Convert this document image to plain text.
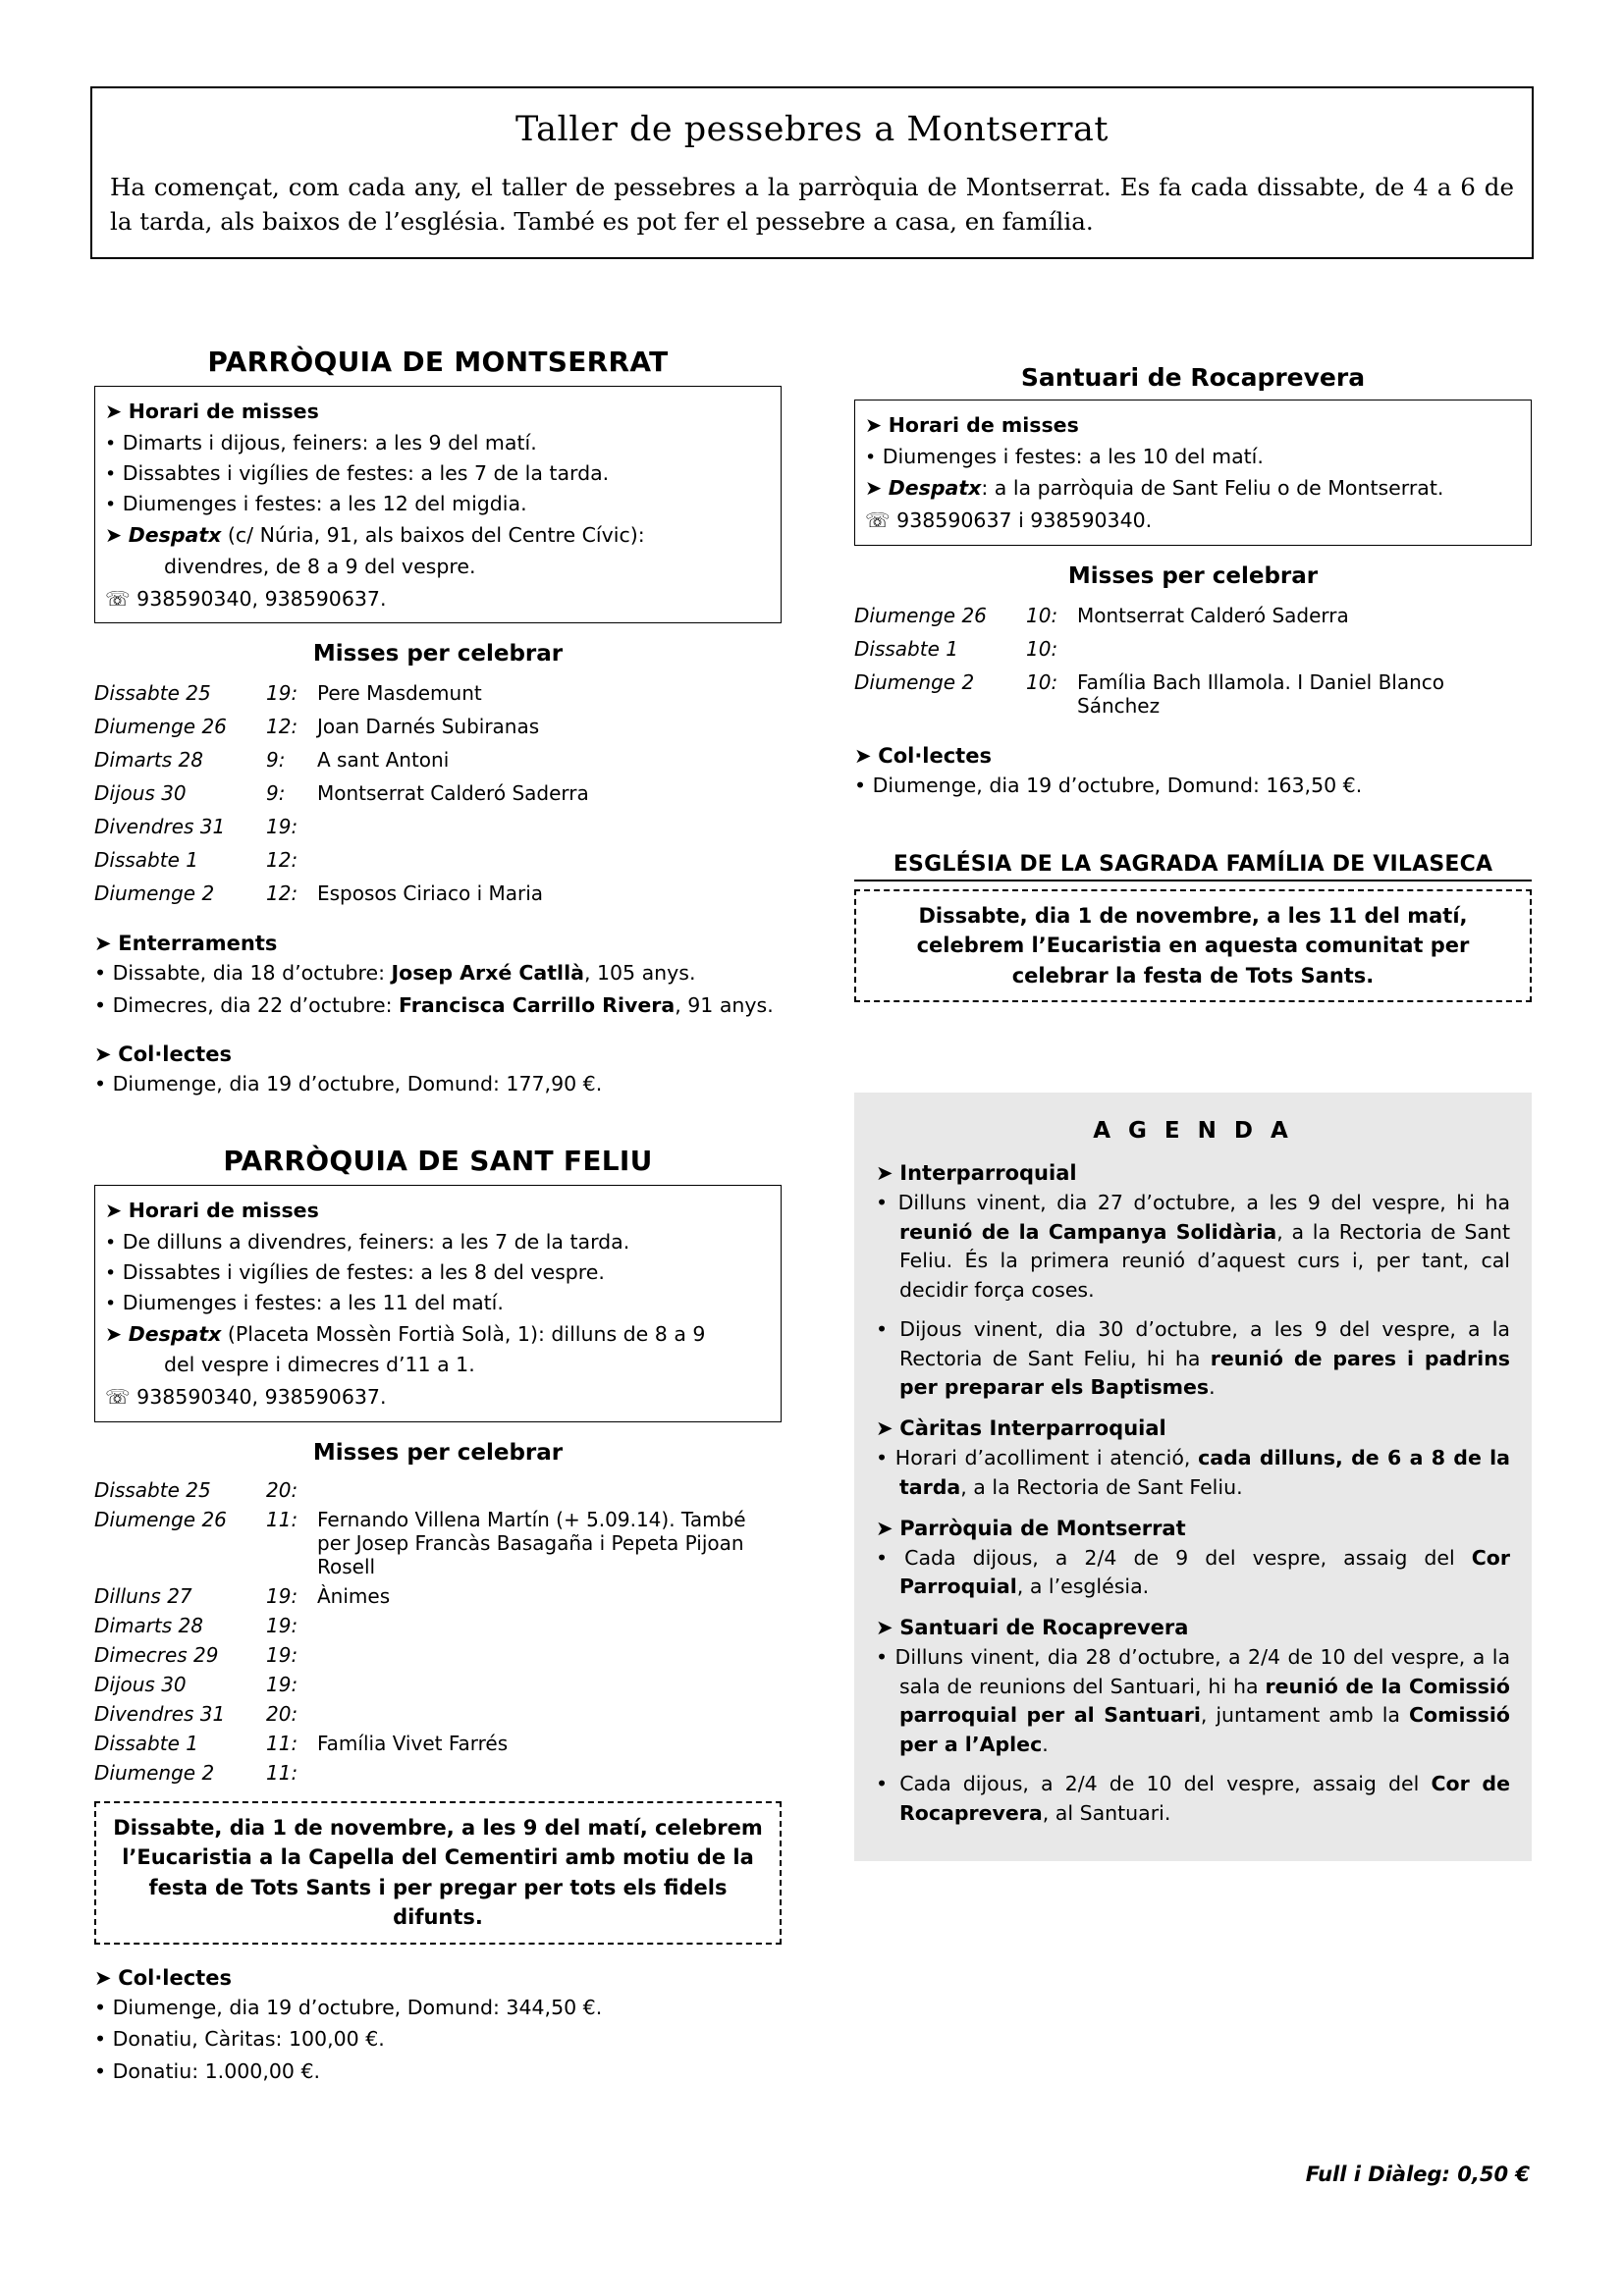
Taller de pessebres a Montserrat
Ha començat, com cada any, el taller de pessebres a la parròquia de Montserrat. Es fa cada dissabte, de 4 a 6 de la tarda, als baixos de l’església. També es pot fer el pessebre a casa, en família.
PARRÒQUIA DE MONTSERRAT
➤ Horari de misses
• Dimarts i dijous, feiners: a les 9 del matí.
• Dissabtes i vigílies de festes: a les 7 de la tarda.
• Diumenges i festes: a les 12 del migdia.
➤ Despatx (c/ Núria, 91, als baixos del Centre Cívic):
divendres, de 8 a 9 del vespre.
☏ 938590340, 938590637.
Misses per celebrar
Dissabte 25	19:	Pere Masdemunt
Diumenge 26	12:	Joan Darnés Subiranas
Dimarts 28	9:	A sant Antoni
Dijous 30	9:	Montserrat Calderó Saderra
Divendres 31	19:	
Dissabte 1	12:	
Diumenge 2	12:	Esposos Ciriaco i Maria
➤ Enterraments
• Dissabte, dia 18 d’octubre: Josep Arxé Catllà, 105 anys.
• Dimecres, dia 22 d’octubre: Francisca Carrillo Rivera, 91 anys.
➤ Col·lectes
• Diumenge, dia 19 d’octubre, Domund: 177,90 €.
PARRÒQUIA DE SANT FELIU
➤ Horari de misses
• De dilluns a divendres, feiners: a les 7 de la tarda.
• Dissabtes i vigílies de festes: a les 8 del vespre.
• Diumenges i festes: a les 11 del matí.
➤ Despatx (Placeta Mossèn Fortià Solà, 1): dilluns de 8 a 9
del vespre i dimecres d’11 a 1.
☏ 938590340, 938590637.
Misses per celebrar
Dissabte 25	20:	
Diumenge 26	11:	Fernando Villena Martín (+ 5.09.14). També per Josep Francàs Basagaña i Pepeta Pijoan Rosell
Dilluns 27	19:	Ànimes
Dimarts 28	19:	
Dimecres 29	19:	
Dijous 30	19:	
Divendres 31	20:	
Dissabte 1	11:	Família Vivet Farrés
Diumenge 2	11:	
Dissabte, dia 1 de novembre, a les 9 del matí, celebrem l’Eucaristia a la Capella del Cementiri amb motiu de la festa de Tots Sants i per pregar per tots els fidels difunts.
➤ Col·lectes
• Diumenge, dia 19 d’octubre, Domund: 344,50 €.
• Donatiu, Càritas: 100,00 €.
• Donatiu: 1.000,00 €.
Santuari de Rocaprevera
➤ Horari de misses
• Diumenges i festes: a les 10 del matí.
➤ Despatx: a la parròquia de Sant Feliu o de Montserrat.
☏ 938590637 i 938590340.
Misses per celebrar
Diumenge 26	10:	Montserrat Calderó Saderra
Dissabte 1	10:	
Diumenge 2	10:	Família Bach Illamola. I Daniel Blanco Sánchez
➤ Col·lectes
• Diumenge, dia 19 d’octubre, Domund: 163,50 €.
ESGLÉSIA DE LA SAGRADA FAMÍLIA DE VILASECA
Dissabte, dia 1 de novembre, a les 11 del matí, celebrem l’Eucaristia en aquesta comunitat per celebrar la festa de Tots Sants.
A G E N D A
➤ Interparroquial
• Dilluns vinent, dia 27 d’octubre, a les 9 del vespre, hi ha reunió de la Campanya Solidària, a la Rectoria de Sant Feliu. És la primera reunió d’aquest curs i, per tant, cal decidir força coses.
• Dijous vinent, dia 30 d’octubre, a les 9 del vespre, a la Rectoria de Sant Feliu, hi ha reunió de pares i padrins per preparar els Baptismes.
➤ Càritas Interparroquial
• Horari d’acolliment i atenció, cada dilluns, de 6 a 8 de la tarda, a la Rectoria de Sant Feliu.
➤ Parròquia de Montserrat
• Cada dijous, a 2/4 de 9 del vespre, assaig del Cor Parroquial, a l’església.
➤ Santuari de Rocaprevera
• Dilluns vinent, dia 28 d’octubre, a 2/4 de 10 del vespre, a la sala de reunions del Santuari, hi ha reunió de la Comissió parroquial per al Santuari, juntament amb la Comissió per a l’Aplec.
• Cada dijous, a 2/4 de 10 del vespre, assaig del Cor de Rocaprevera, al Santuari.
Full i Diàleg: 0,50 €
